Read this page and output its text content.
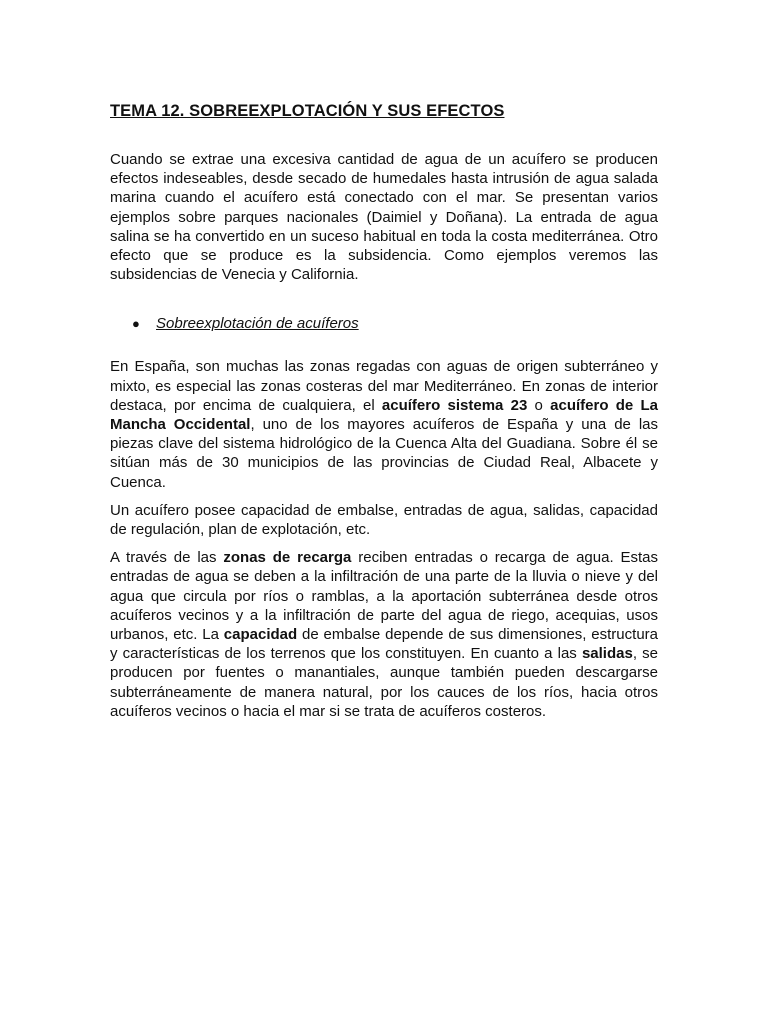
TEMA 12. SOBREEXPLOTACIÓN Y SUS EFECTOS

Cuando se extrae una excesiva cantidad de agua de un acuífero se producen efectos indeseables, desde secado de humedales hasta intrusión de agua salada marina cuando el acuífero está conectado con el mar. Se presentan varios ejemplos sobre parques nacionales (Daimiel y Doñana). La entrada de agua salina se ha convertido en un suceso habitual en toda la costa mediterránea. Otro efecto que se produce es la subsidencia. Como ejemplos veremos las subsidencias de Venecia y California.

●	Sobreexplotación de acuíferos

En España, son muchas las zonas regadas con aguas de origen subterráneo y mixto, es especial las zonas costeras del mar Mediterráneo. En zonas de interior destaca, por encima de cualquiera, el acuífero sistema 23 o acuífero de La Mancha Occidental, uno de los mayores acuíferos de España y una de las piezas clave del sistema hidrológico de la Cuenca Alta del Guadiana. Sobre él se sitúan más de 30 municipios de las provincias de Ciudad Real, Albacete y Cuenca.

Un acuífero posee capacidad de embalse, entradas de agua, salidas, capacidad de regulación, plan de explotación, etc.

A través de las zonas de recarga reciben entradas o recarga de agua. Estas entradas de agua se deben a la infiltración de una parte de la lluvia o nieve y del agua que circula por ríos o ramblas, a la aportación subterránea desde otros acuíferos vecinos y a la infiltración de parte del agua de riego, acequias, usos urbanos, etc. La capacidad de embalse depende de sus dimensiones, estructura y características de los terrenos que los constituyen. En cuanto a las salidas, se producen por fuentes o manantiales, aunque también pueden descargarse subterráneamente de manera natural, por los cauces de los ríos, hacia otros acuíferos vecinos o hacia el mar si se trata de acuíferos costeros.
